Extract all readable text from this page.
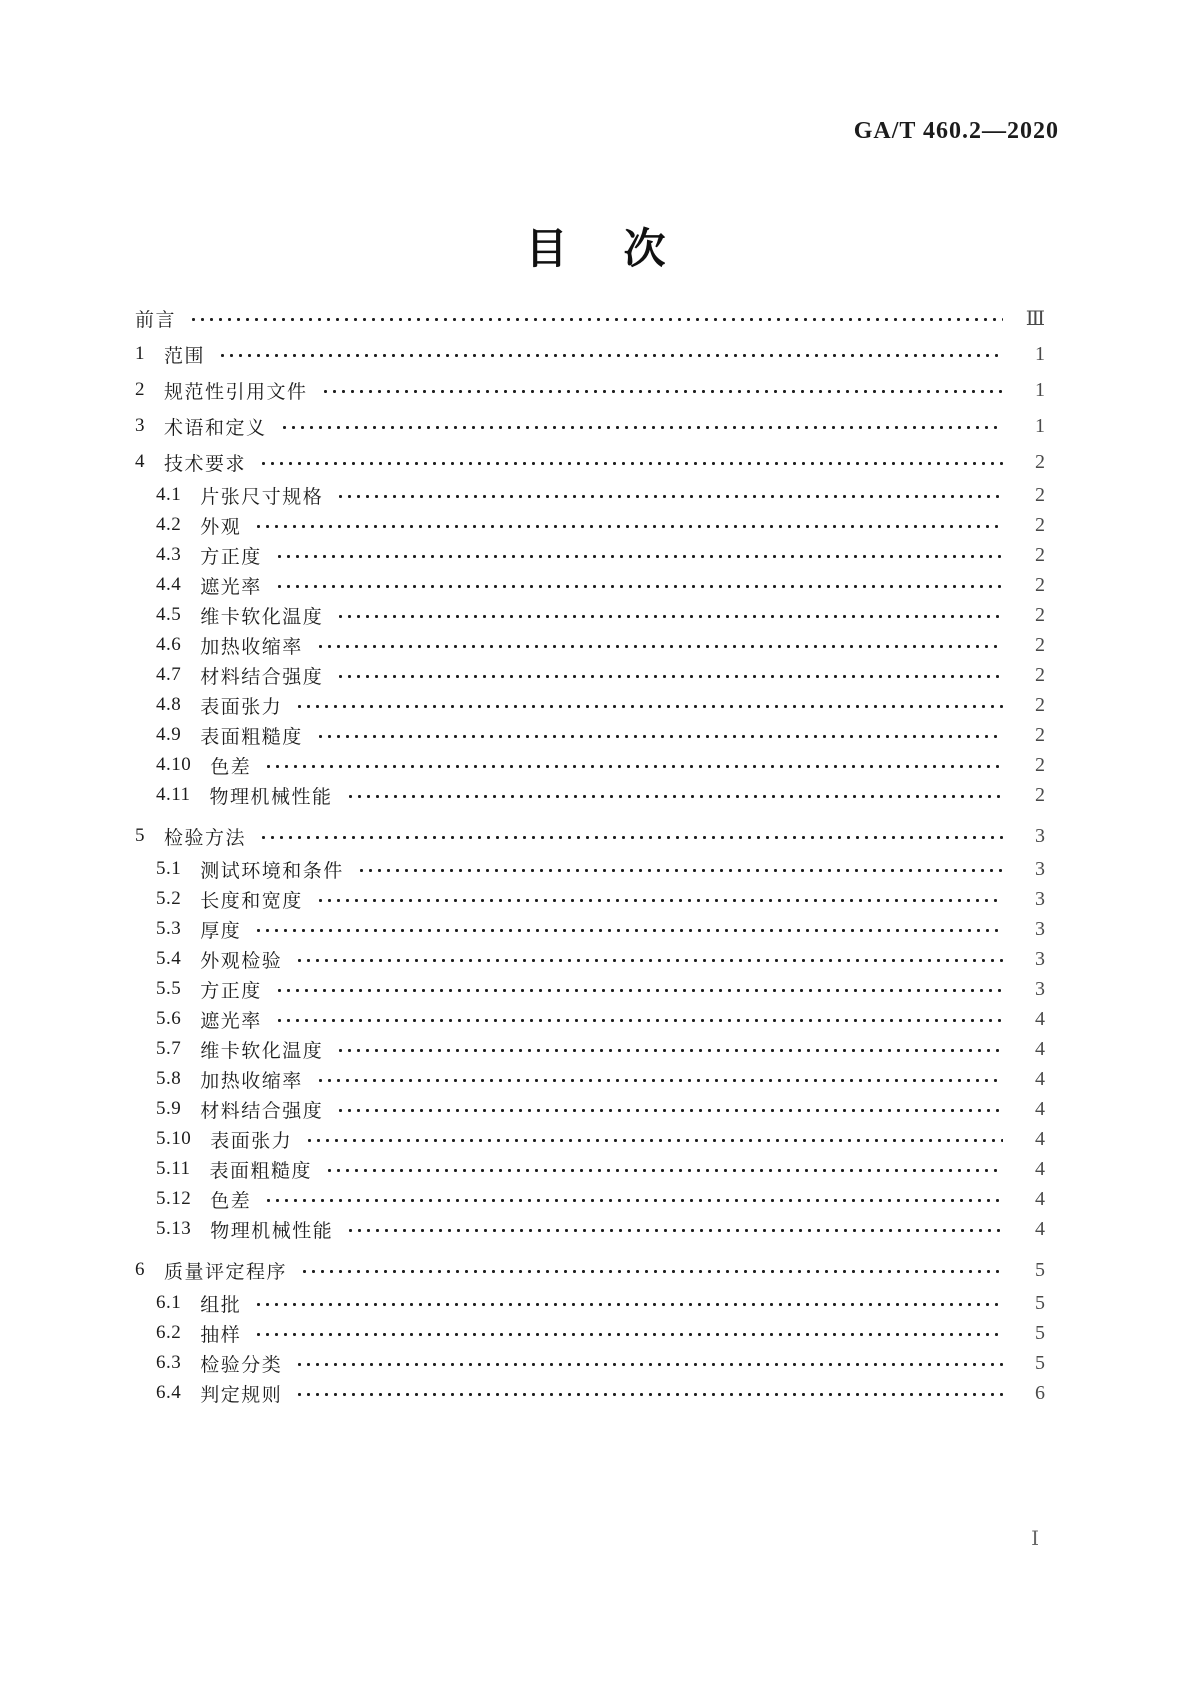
GA/T 460.2—2020
目 次
前言	Ⅲ
1 范围	1
2 规范性引用文件	1
3 术语和定义	1
4 技术要求	2
4.1 片张尺寸规格	2
4.2 外观	2
4.3 方正度	2
4.4 遮光率	2
4.5 维卡软化温度	2
4.6 加热收缩率	2
4.7 材料结合强度	2
4.8 表面张力	2
4.9 表面粗糙度	2
4.10 色差	2
4.11 物理机械性能	2
5 检验方法	3
5.1 测试环境和条件	3
5.2 长度和宽度	3
5.3 厚度	3
5.4 外观检验	3
5.5 方正度	3
5.6 遮光率	4
5.7 维卡软化温度	4
5.8 加热收缩率	4
5.9 材料结合强度	4
5.10 表面张力	4
5.11 表面粗糙度	4
5.12 色差	4
5.13 物理机械性能	4
6 质量评定程序	5
6.1 组批	5
6.2 抽样	5
6.3 检验分类	5
6.4 判定规则	6
Ⅰ
